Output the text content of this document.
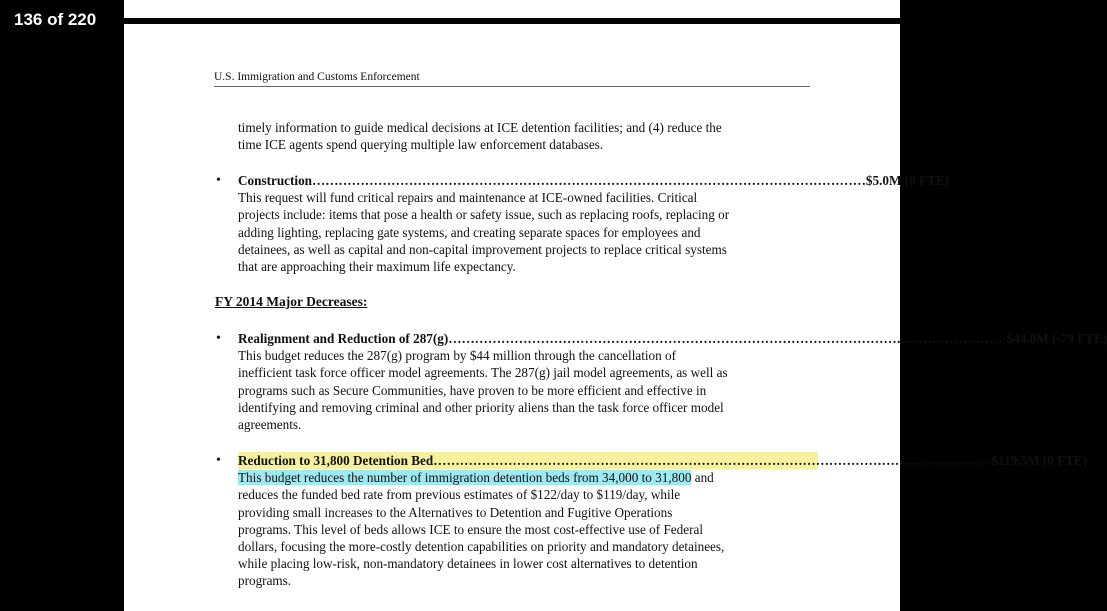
136 of 220
U.S. Immigration and Customs Enforcement
timely information to guide medical decisions at ICE detention facilities; and (4) reduce the
time ICE agents spend querying multiple law enforcement databases.
• Construction ……………………………………………………………………………………………………………… $5.0M (0 FTE)
This request will fund critical repairs and maintenance at ICE-owned facilities. Critical
projects include: items that pose a health or safety issue, such as replacing roofs, replacing or
adding lighting, replacing gate systems, and creating separate spaces for employees and
detainees, as well as capital and non-capital improvement projects to replace critical systems
that are approaching their maximum life expectancy.
FY 2014 Major Decreases:
• Realignment and Reduction of 287(g) ……………………………………………………………………………………………………………… -$44.0M (-79 FTE)
This budget reduces the 287(g) program by $44 million through the cancellation of
inefficient task force officer model agreements. The 287(g) jail model agreements, as well as
programs such as Secure Communities, have proven to be more efficient and effective in
identifying and removing criminal and other priority aliens than the task force officer model
agreements.
• Reduction to 31,800 Detention Bed ……………………………………………………………………………………………………………… -$119.5M (0 FTE)
This budget reduces the number of immigration detention beds from 34,000 to 31,800 and
reduces the funded bed rate from previous estimates of $122/day to $119/day, while
providing small increases to the Alternatives to Detention and Fugitive Operations
programs. This level of beds allows ICE to ensure the most cost-effective use of Federal
dollars, focusing the more-costly detention capabilities on priority and mandatory detainees,
while placing low-risk, non-mandatory detainees in lower cost alternatives to detention
programs.
